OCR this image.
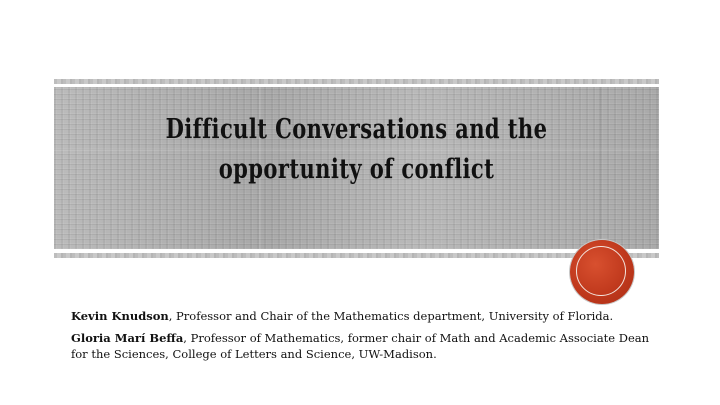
Difficult Conversations and the opportunity of conflict

Kevin Knudson, Professor and Chair of the Mathematics department, University of Florida.

Gloria Marí Beffa, Professor of Mathematics, former chair of Math and Academic Associate Dean for the Sciences, College of Letters and Science, UW-Madison.
